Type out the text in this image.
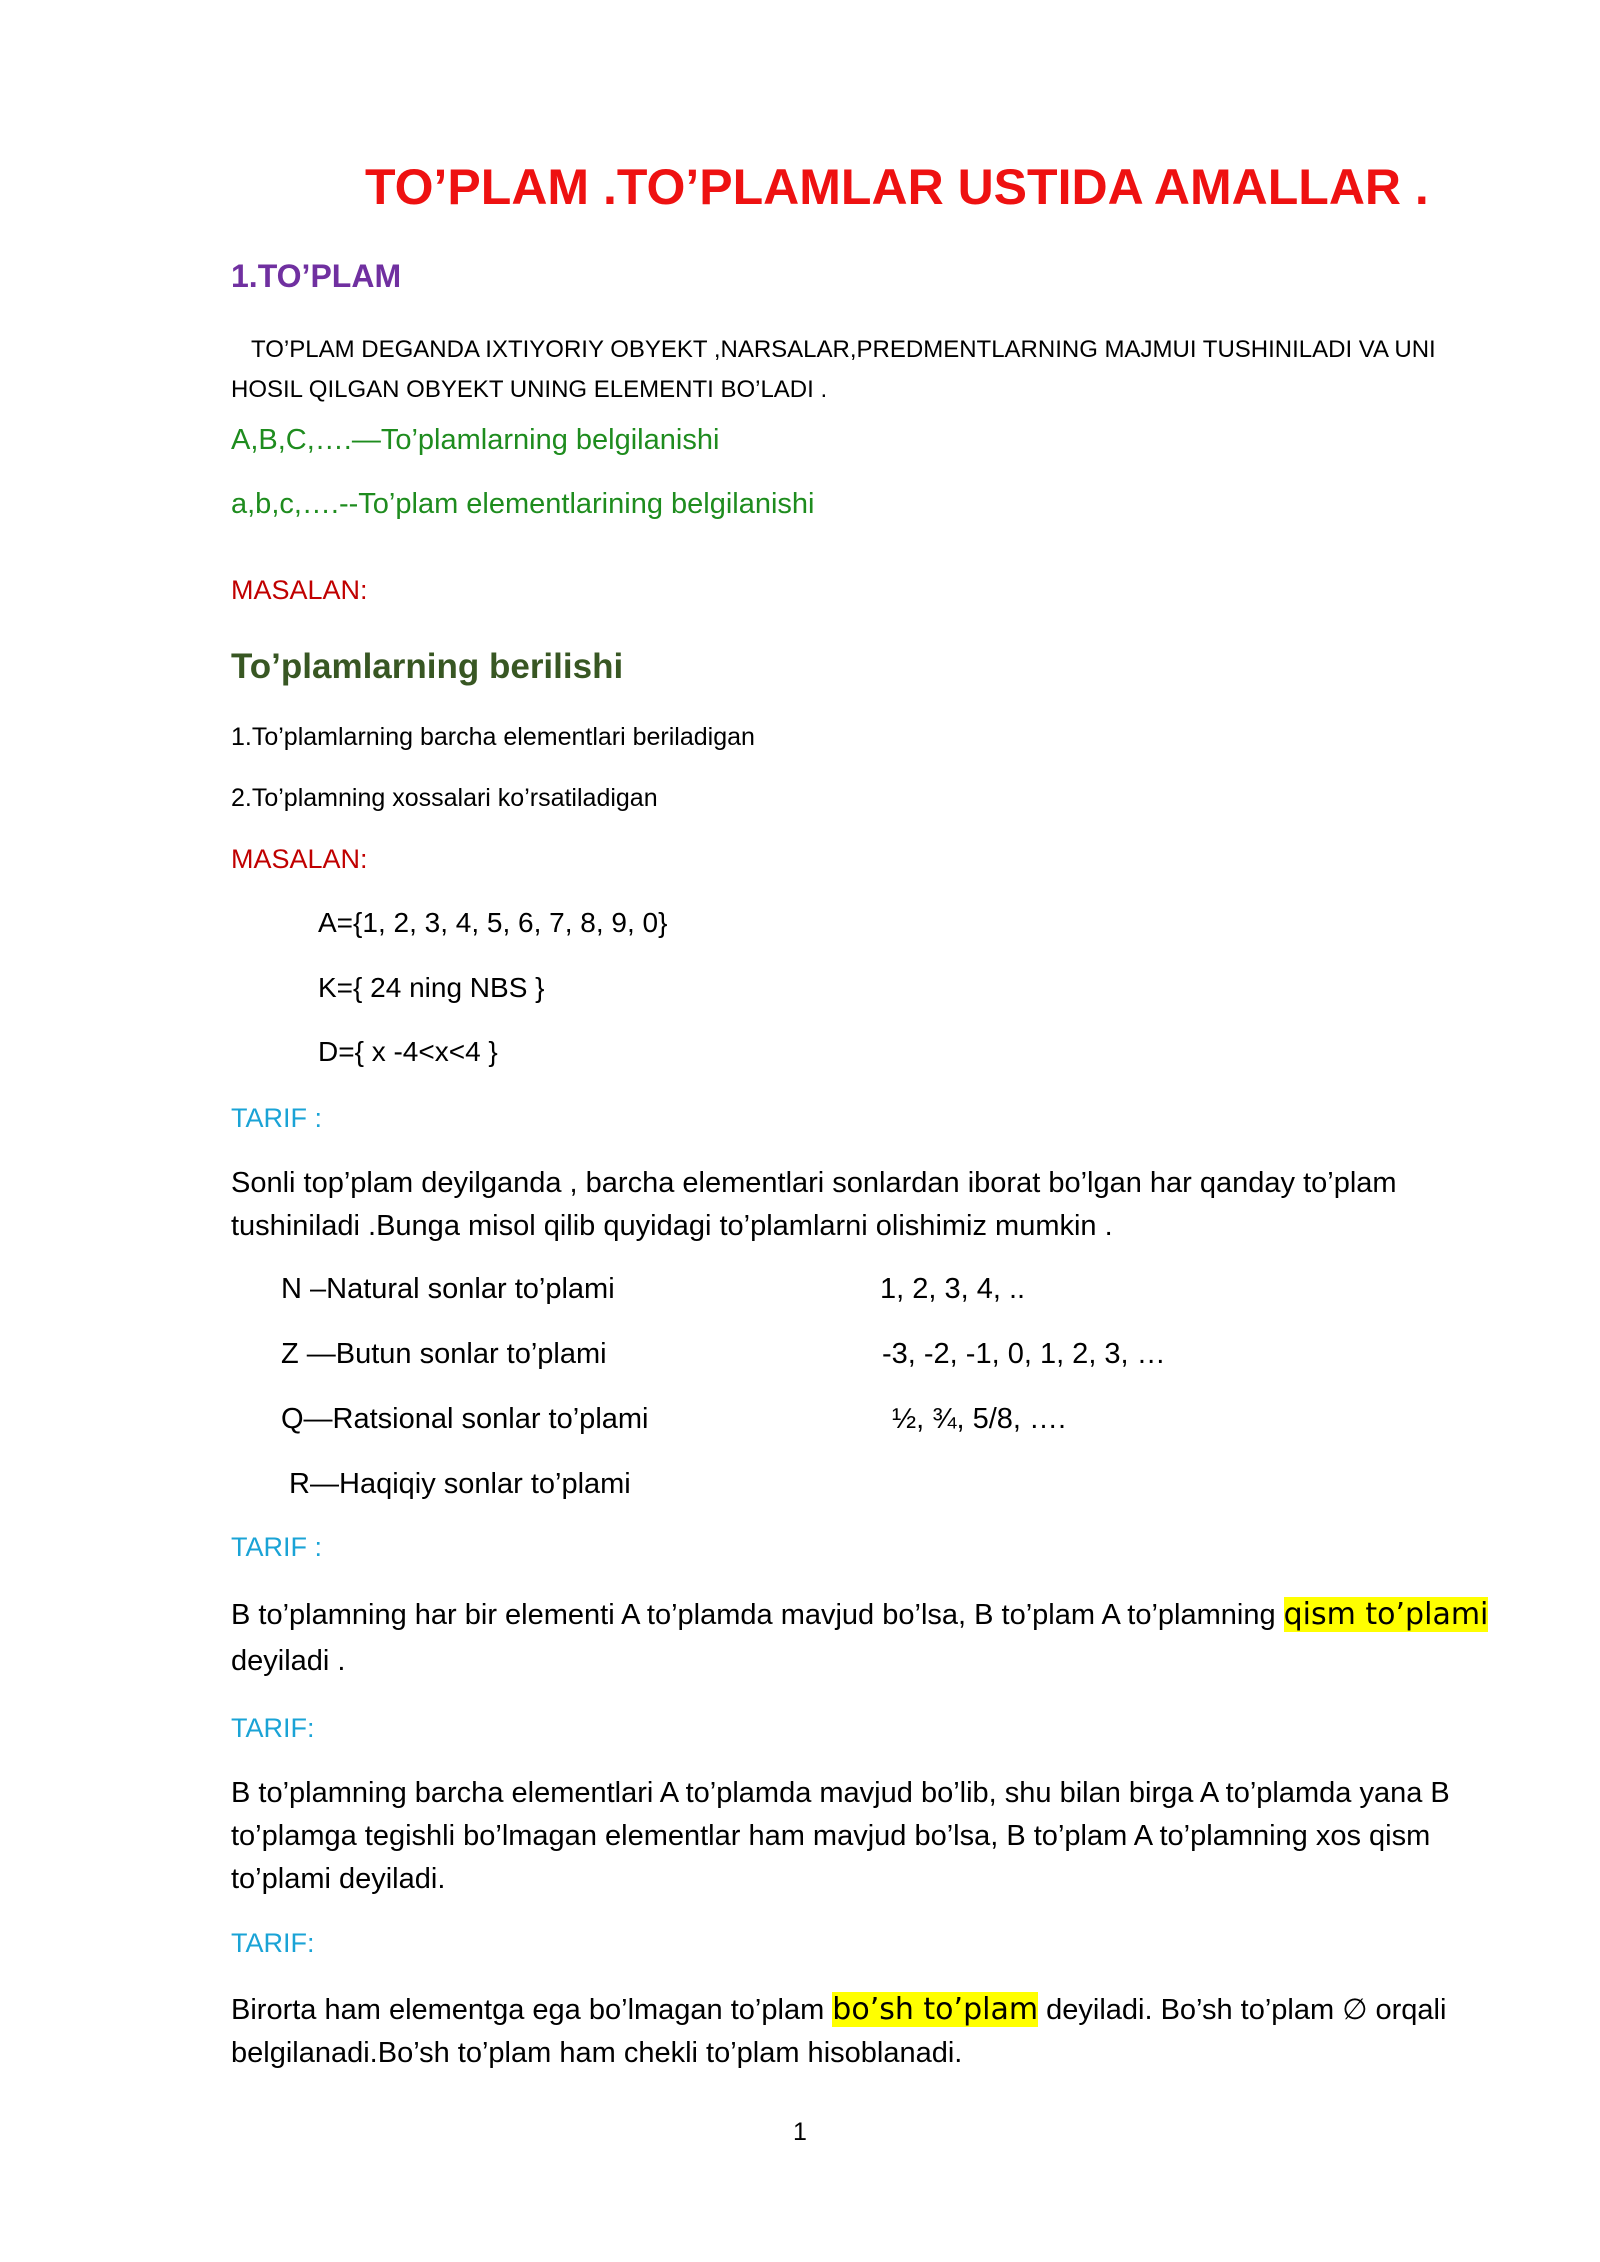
TO’PLAM .TO’PLAMLAR USTIDA AMALLAR .
1.TO’PLAM

TO’PLAM DEGANDA IXTIYORIY OBYEKT ,NARSALAR,PREDMENTLARNING MAJMUI TUSHINILADI VA UNI HOSIL QILGAN OBYEKT UNING ELEMENTI BO’LADI .

A,B,C,….—To’plamlarning belgilanishi

a,b,c,….--To’plam elementlarining belgilanishi

MASALAN:

To’plamlarning berilishi

1.To’plamlarning barcha elementlari beriladigan

2.To’plamning xossalari ko’rsatiladigan

MASALAN:

A={1, 2, 3, 4, 5, 6, 7, 8, 9, 0}

K={ 24 ning NBS }

D={ x -4<x<4 }

TARIF :

Sonli top’plam deyilganda , barcha elementlari sonlardan iborat bo’lgan har qanday to’plam tushiniladi .Bunga misol qilib quyidagi to’plamlarni olishimiz mumkin .

N –Natural sonlar to’plami	1, 2, 3, 4, ..

Z —Butun sonlar to’plami	-3, -2, -1, 0, 1, 2, 3, …

Q—Ratsional sonlar to’plami	½, ¾, 5/8, ….

R—Haqiqiy sonlar to’plami

TARIF :

B to’plamning har bir elementi A to’plamda mavjud bo’lsa, B to’plam A to’plamning qism to’plami deyiladi .

TARIF:

B to’plamning barcha elementlari A to’plamda mavjud bo’lib, shu bilan birga A to’plamda yana B to’plamga tegishli bo’lmagan elementlar ham mavjud bo’lsa, B to’plam A to’plamning xos qism to’plami deyiladi.

TARIF:

Birorta ham elementga ega bo’lmagan to’plam bo’sh to’plam deyiladi. Bo’sh to’plam ∅ orqali belgilanadi.Bo’sh to’plam ham chekli to’plam hisoblanadi.

1
